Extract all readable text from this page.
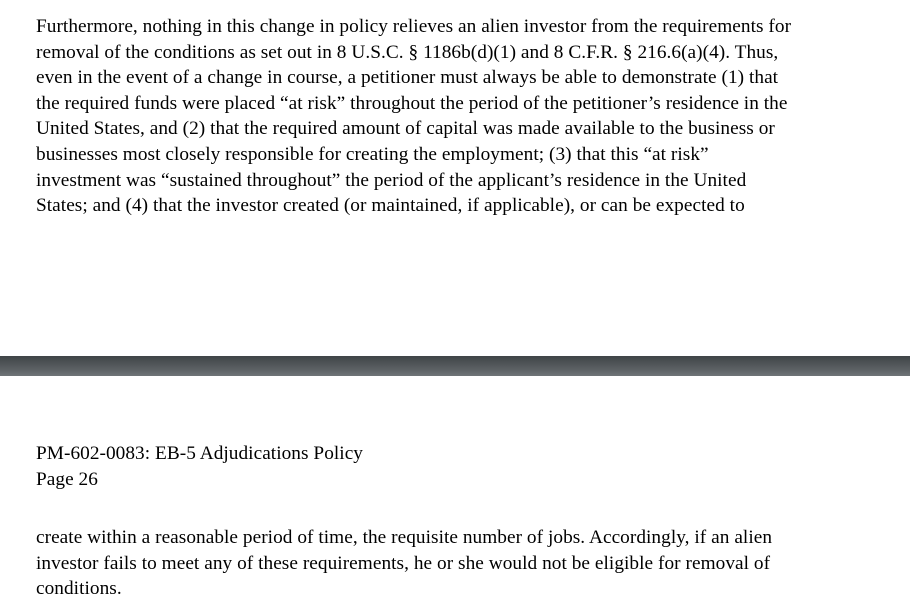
Furthermore, nothing in this change in policy relieves an alien investor from the requirements for
removal of the conditions as set out in 8 U.S.C. § 1186b(d)(1) and 8 C.F.R. § 216.6(a)(4). Thus,
even in the event of a change in course, a petitioner must always be able to demonstrate (1) that
the required funds were placed “at risk” throughout the period of the petitioner’s residence in the
United States, and (2) that the required amount of capital was made available to the business or
businesses most closely responsible for creating the employment; (3) that this “at risk”
investment was “sustained throughout” the period of the applicant’s residence in the United
States; and (4) that the investor created (or maintained, if applicable), or can be expected to

PM-602-0083: EB-5 Adjudications Policy
Page 26

create within a reasonable period of time, the requisite number of jobs. Accordingly, if an alien
investor fails to meet any of these requirements, he or she would not be eligible for removal of
conditions.
